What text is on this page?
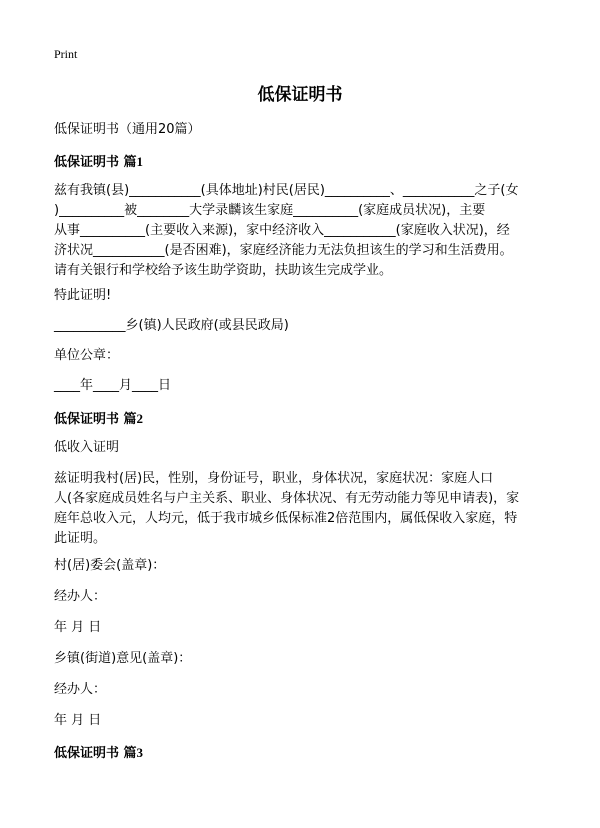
Print
低保证明书

低保证明书（通用20篇）

低保证明书 篇1
兹有我镇(县)___________(具体地址)村民(居民)__________、___________之子(女
)__________被________大学录麟该生家庭__________(家庭成员状况)，主要
从事__________(主要收入来源)，家中经济收入___________(家庭收入状况)，经
济状况___________(是否困难)，家庭经济能力无法负担该生的学习和生活费用。
请有关银行和学校给予该生助学资助，扶助该生完成学业。

特此证明!

___________乡(镇)人民政府(或县民政局)

单位公章：

____年____月____日

低保证明书 篇2

低收入证明

兹证明我村(居)民，性别，身份证号，职业，身体状况，家庭状况：家庭人口
人(各家庭成员姓名与户主关系、职业、身体状况、有无劳动能力等见申请表)，家
庭年总收入元，人均元，低于我市城乡低保标准2倍范围内，属低保收入家庭，特
此证明。

村(居)委会(盖章)：

经办人：

年 月 日

乡镇(街道)意见(盖章)：

经办人：

年 月 日

低保证明书 篇3
